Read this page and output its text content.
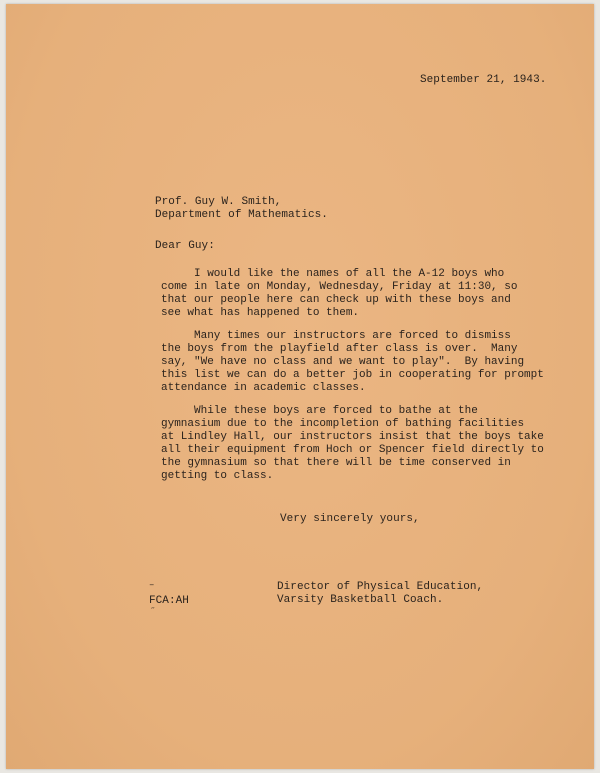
September 21, 1943.
Prof. Guy W. Smith,
Department of Mathematics.
Dear Guy:
I would like the names of all the A-12 boys who
come in late on Monday, Wednesday, Friday at 11:30, so
that our people here can check up with these boys and
see what has happened to them.
Many times our instructors are forced to dismiss
the boys from the playfield after class is over.  Many
say, "We have no class and we want to play".  By having
this list we can do a better job in cooperating for prompt
attendance in academic classes.
While these boys are forced to bathe at the
gymnasium due to the incompletion of bathing facilities
at Lindley Hall, our instructors insist that the boys take
all their equipment from Hoch or Spencer field directly to
the gymnasium so that there will be time conserved in
getting to class.
Very sincerely yours,
Director of Physical Education,
Varsity Basketball Coach.
–
FCA:AH
˝
